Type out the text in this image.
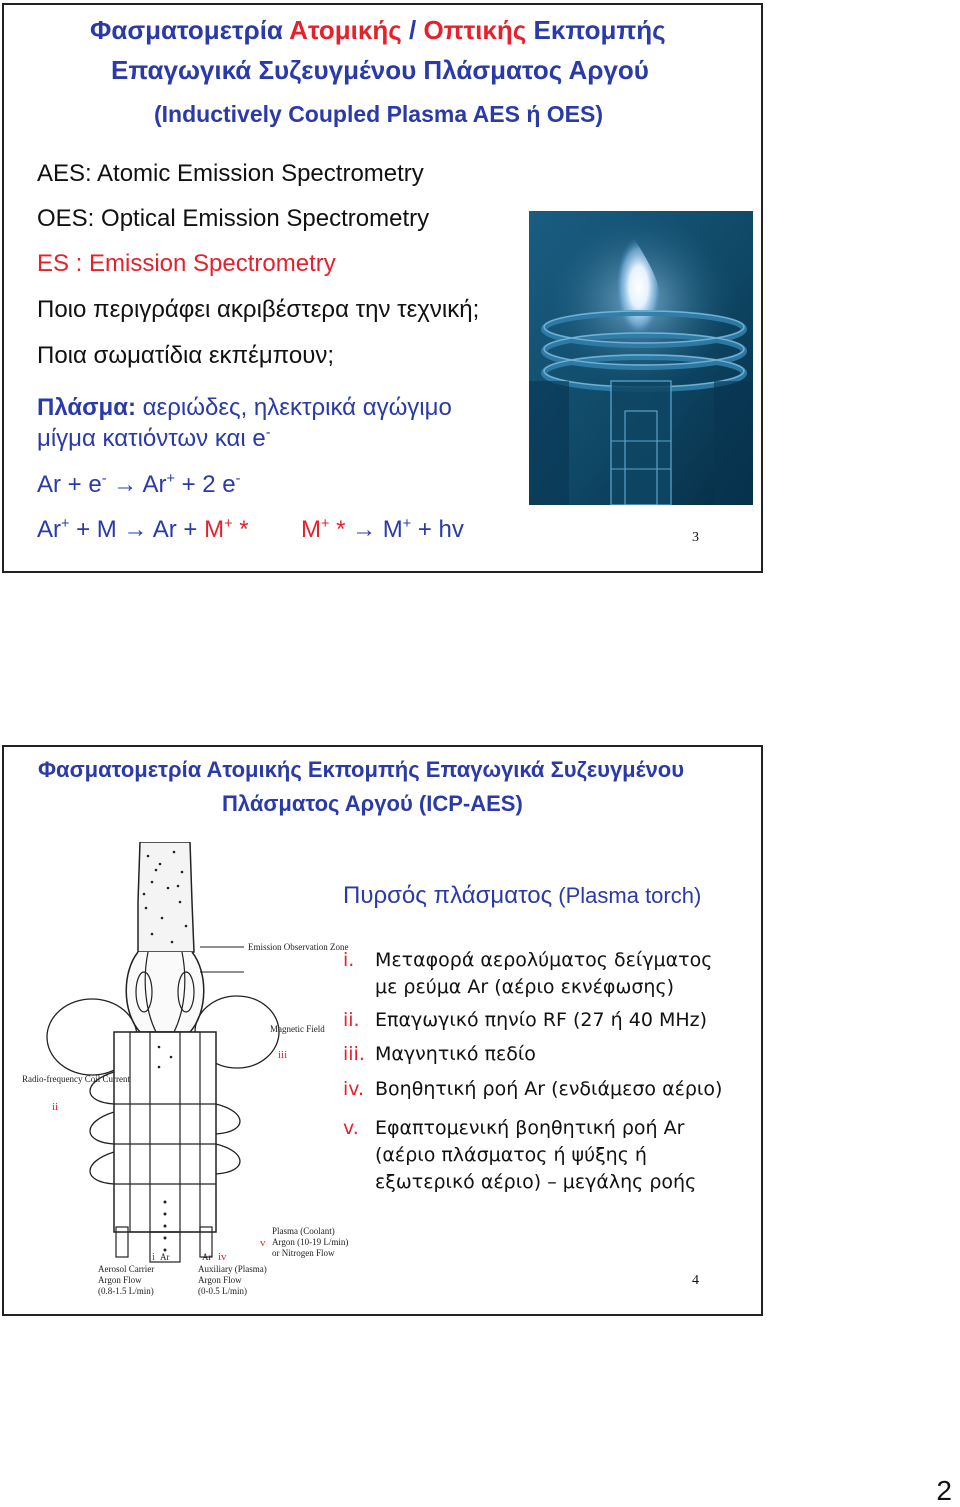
Φασματομετρία Ατομικής / Οπτικής Εκπομπής
Επαγωγικά Συζευγμένου Πλάσματος Αργού
(Inductively Coupled Plasma AES ή OES)
AES: Atomic Emission Spectrometry
OES: Optical Emission Spectrometry
ES : Emission Spectrometry
Ποιο περιγράφει ακριβέστερα την τεχνική;
Ποια σωματίδια εκπέμπουν;
Πλάσμα: αεριώδες, ηλεκτρικά αγώγιμο
μίγμα κατιόντων και e-
Ar + e- → Ar+ + 2 e-
Ar+ + M → Ar + M+ * M+ * → M+ + hv	3
Φασματομετρία Ατομικής Εκπομπής Επαγωγικά Συζευγμένου
Πλάσματος Αργού (ICP-AES)
Emission Observation Zone
Magnetic Field
iii
Radio-frequency Coil Current
ii
Plasma (Coolant)
Argon (10-19 L/min)
or Nitrogen Flow
i Ar	Ar iv
v
Aerosol Carrier
Argon Flow
(0.8-1.5 L/min)
Auxiliary (Plasma)
Argon Flow
(0-0.5 L/min)
Πυρσός πλάσματος (Plasma torch)
i. Μεταφορά αερολύματος δείγματος
με ρεύμα Ar (αέριο εκνέφωσης)
ii. Επαγωγικό πηνίο RF (27 ή 40 MHz)
iii. Μαγνητικό πεδίο
iv. Βοηθητική ροή Ar (ενδιάμεσο αέριο)
v. Εφαπτομενική βοηθητική ροή Ar
(αέριο πλάσματος ή ψύξης ή
εξωτερικό αέριο) – μεγάλης ροής
4
2
